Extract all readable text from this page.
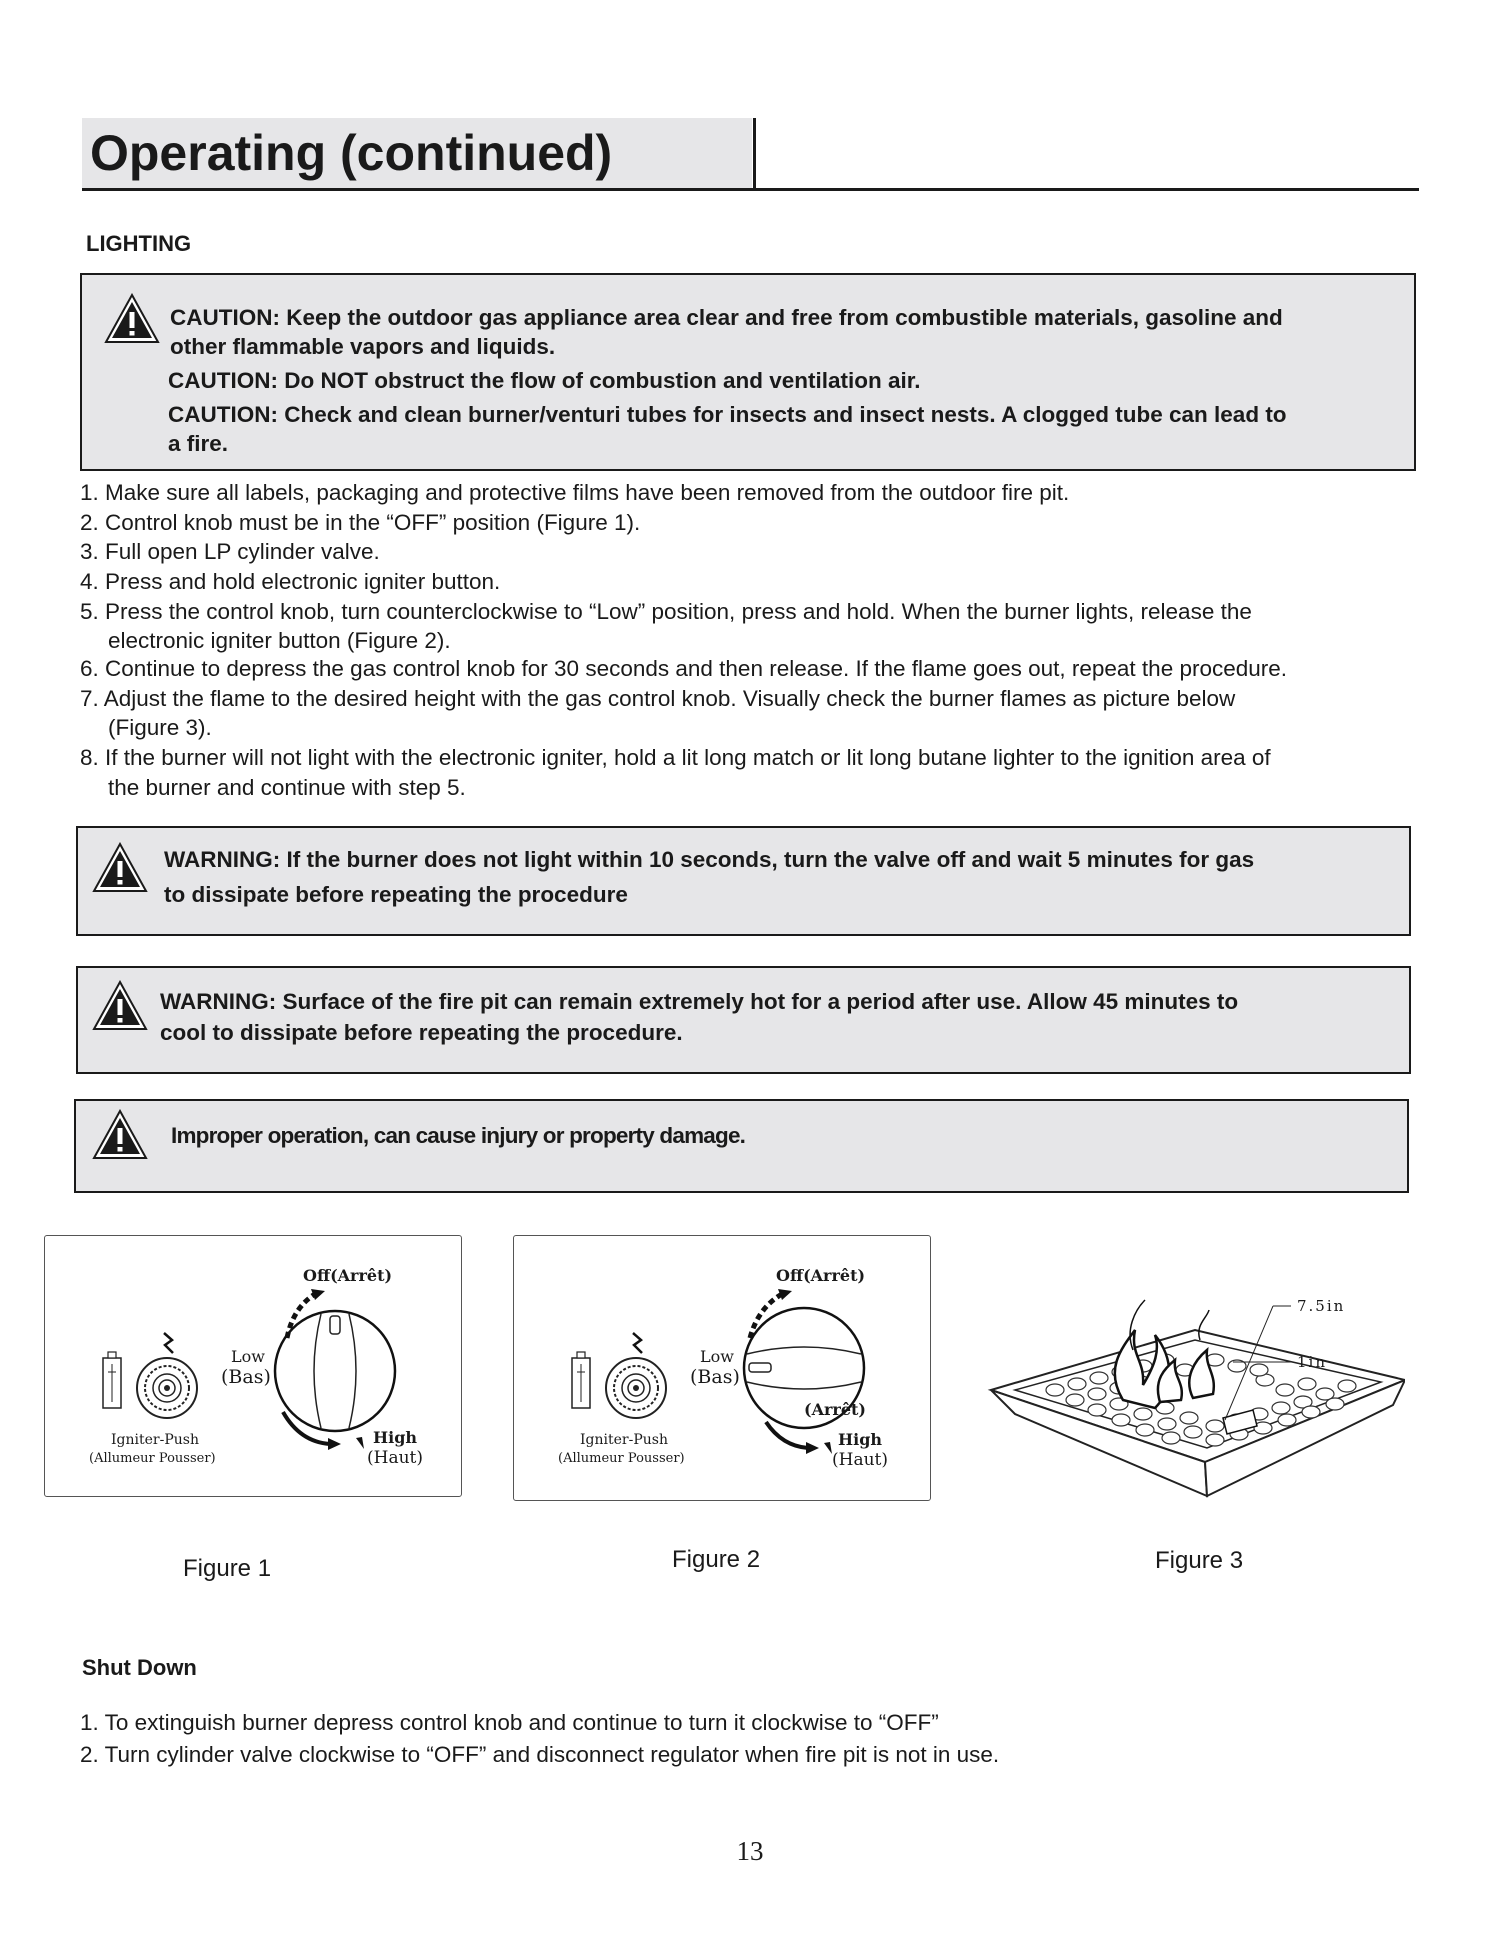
Operating (continued)
LIGHTING
CAUTION: Keep the outdoor gas appliance area clear and free from combustible materials, gasoline and
other flammable vapors and liquids.
CAUTION: Do NOT obstruct the flow of combustion and ventilation air.
CAUTION: Check and clean burner/venturi tubes for insects and insect nests. A clogged tube can lead to
a fire.
1. Make sure all labels, packaging and protective films have been removed from the outdoor fire pit.
2. Control knob must be in the “OFF” position (Figure 1).
3. Full open LP cylinder valve.
4. Press and hold electronic igniter button.
5. Press the control knob, turn counterclockwise to “Low” position, press and hold. When the burner lights, release the
electronic igniter button (Figure 2).
6. Continue to depress the gas control knob for 30 seconds and then release. If the flame goes out, repeat the procedure.
7. Adjust the flame to the desired height with the gas control knob. Visually check the burner flames as picture below
(Figure 3).
8. If the burner will not light with the electronic igniter, hold a lit long match or lit long butane lighter to the ignition area of
the burner and continue with step 5.
WARNING: If the burner does not light within 10 seconds, turn the valve off and wait 5 minutes for gas
to dissipate before repeating the procedure
WARNING: Surface of the fire pit can remain extremely hot for a period after use. Allow 45 minutes to
cool to dissipate before repeating the procedure.
Improper operation, can cause injury or property damage.
Off(Arrêt)
Low
(Bas)
High
(Haut)
Igniter-Push
(Allumeur Pousser)
Off(Arrêt)
Low
(Bas)
(Arrêt)
High
(Haut)
Igniter-Push
(Allumeur Pousser)
7.5in
1in
Figure 1	Figure 2	Figure 3
Shut Down
1. To extinguish burner depress control knob and continue to turn it clockwise to “OFF”
2. Turn cylinder valve clockwise to “OFF” and disconnect regulator when fire pit is not in use.
13
